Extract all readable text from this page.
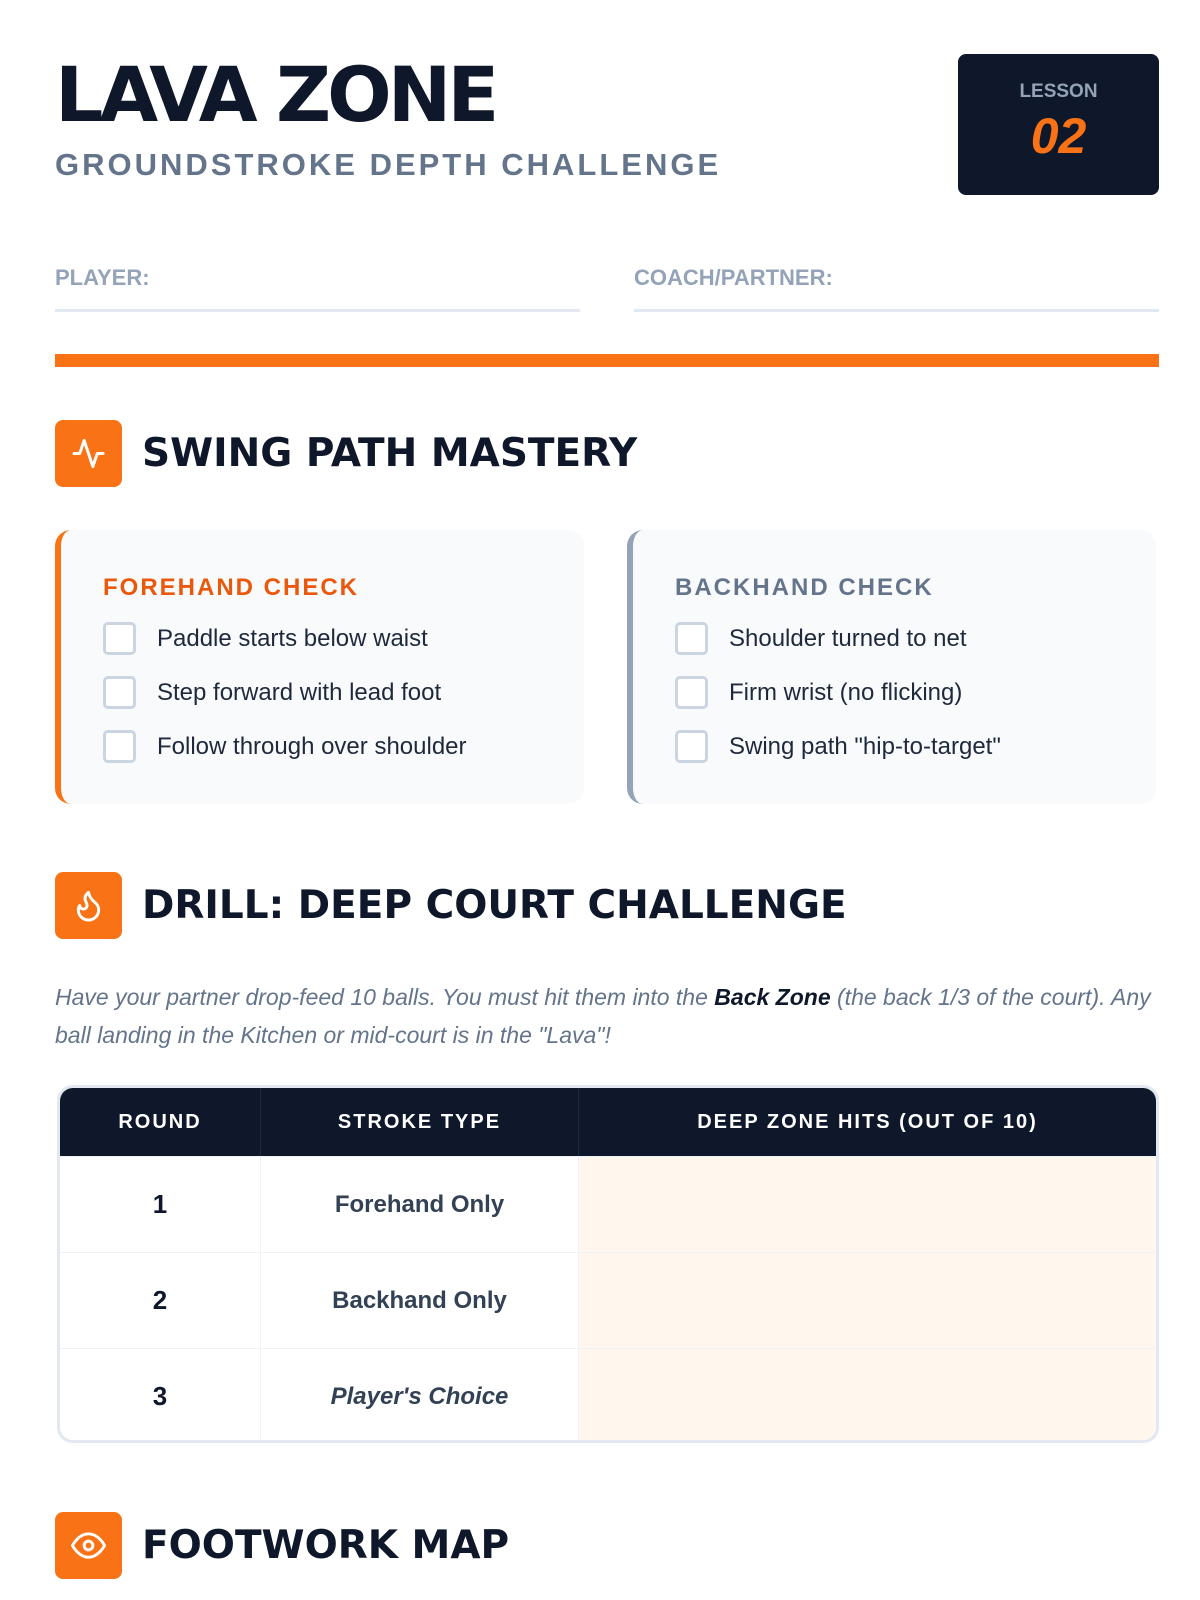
LAVA ZONE
GROUNDSTROKE DEPTH CHALLENGE
LESSON
02
PLAYER:	COACH/PARTNER:
SWING PATH MASTERY
FOREHAND CHECK
Paddle starts below waist
Step forward with lead foot
Follow through over shoulder
BACKHAND CHECK
Shoulder turned to net
Firm wrist (no flicking)
Swing path "hip-to-target"
DRILL: DEEP COURT CHALLENGE
Have your partner drop-feed 10 balls. You must hit them into the Back Zone (the back 1/3 of the court). Any ball landing in the Kitchen or mid-court is in the "Lava"!
ROUND	STROKE TYPE	DEEP ZONE HITS (OUT OF 10)
1	Forehand Only
2	Backhand Only
3	Player's Choice
FOOTWORK MAP
